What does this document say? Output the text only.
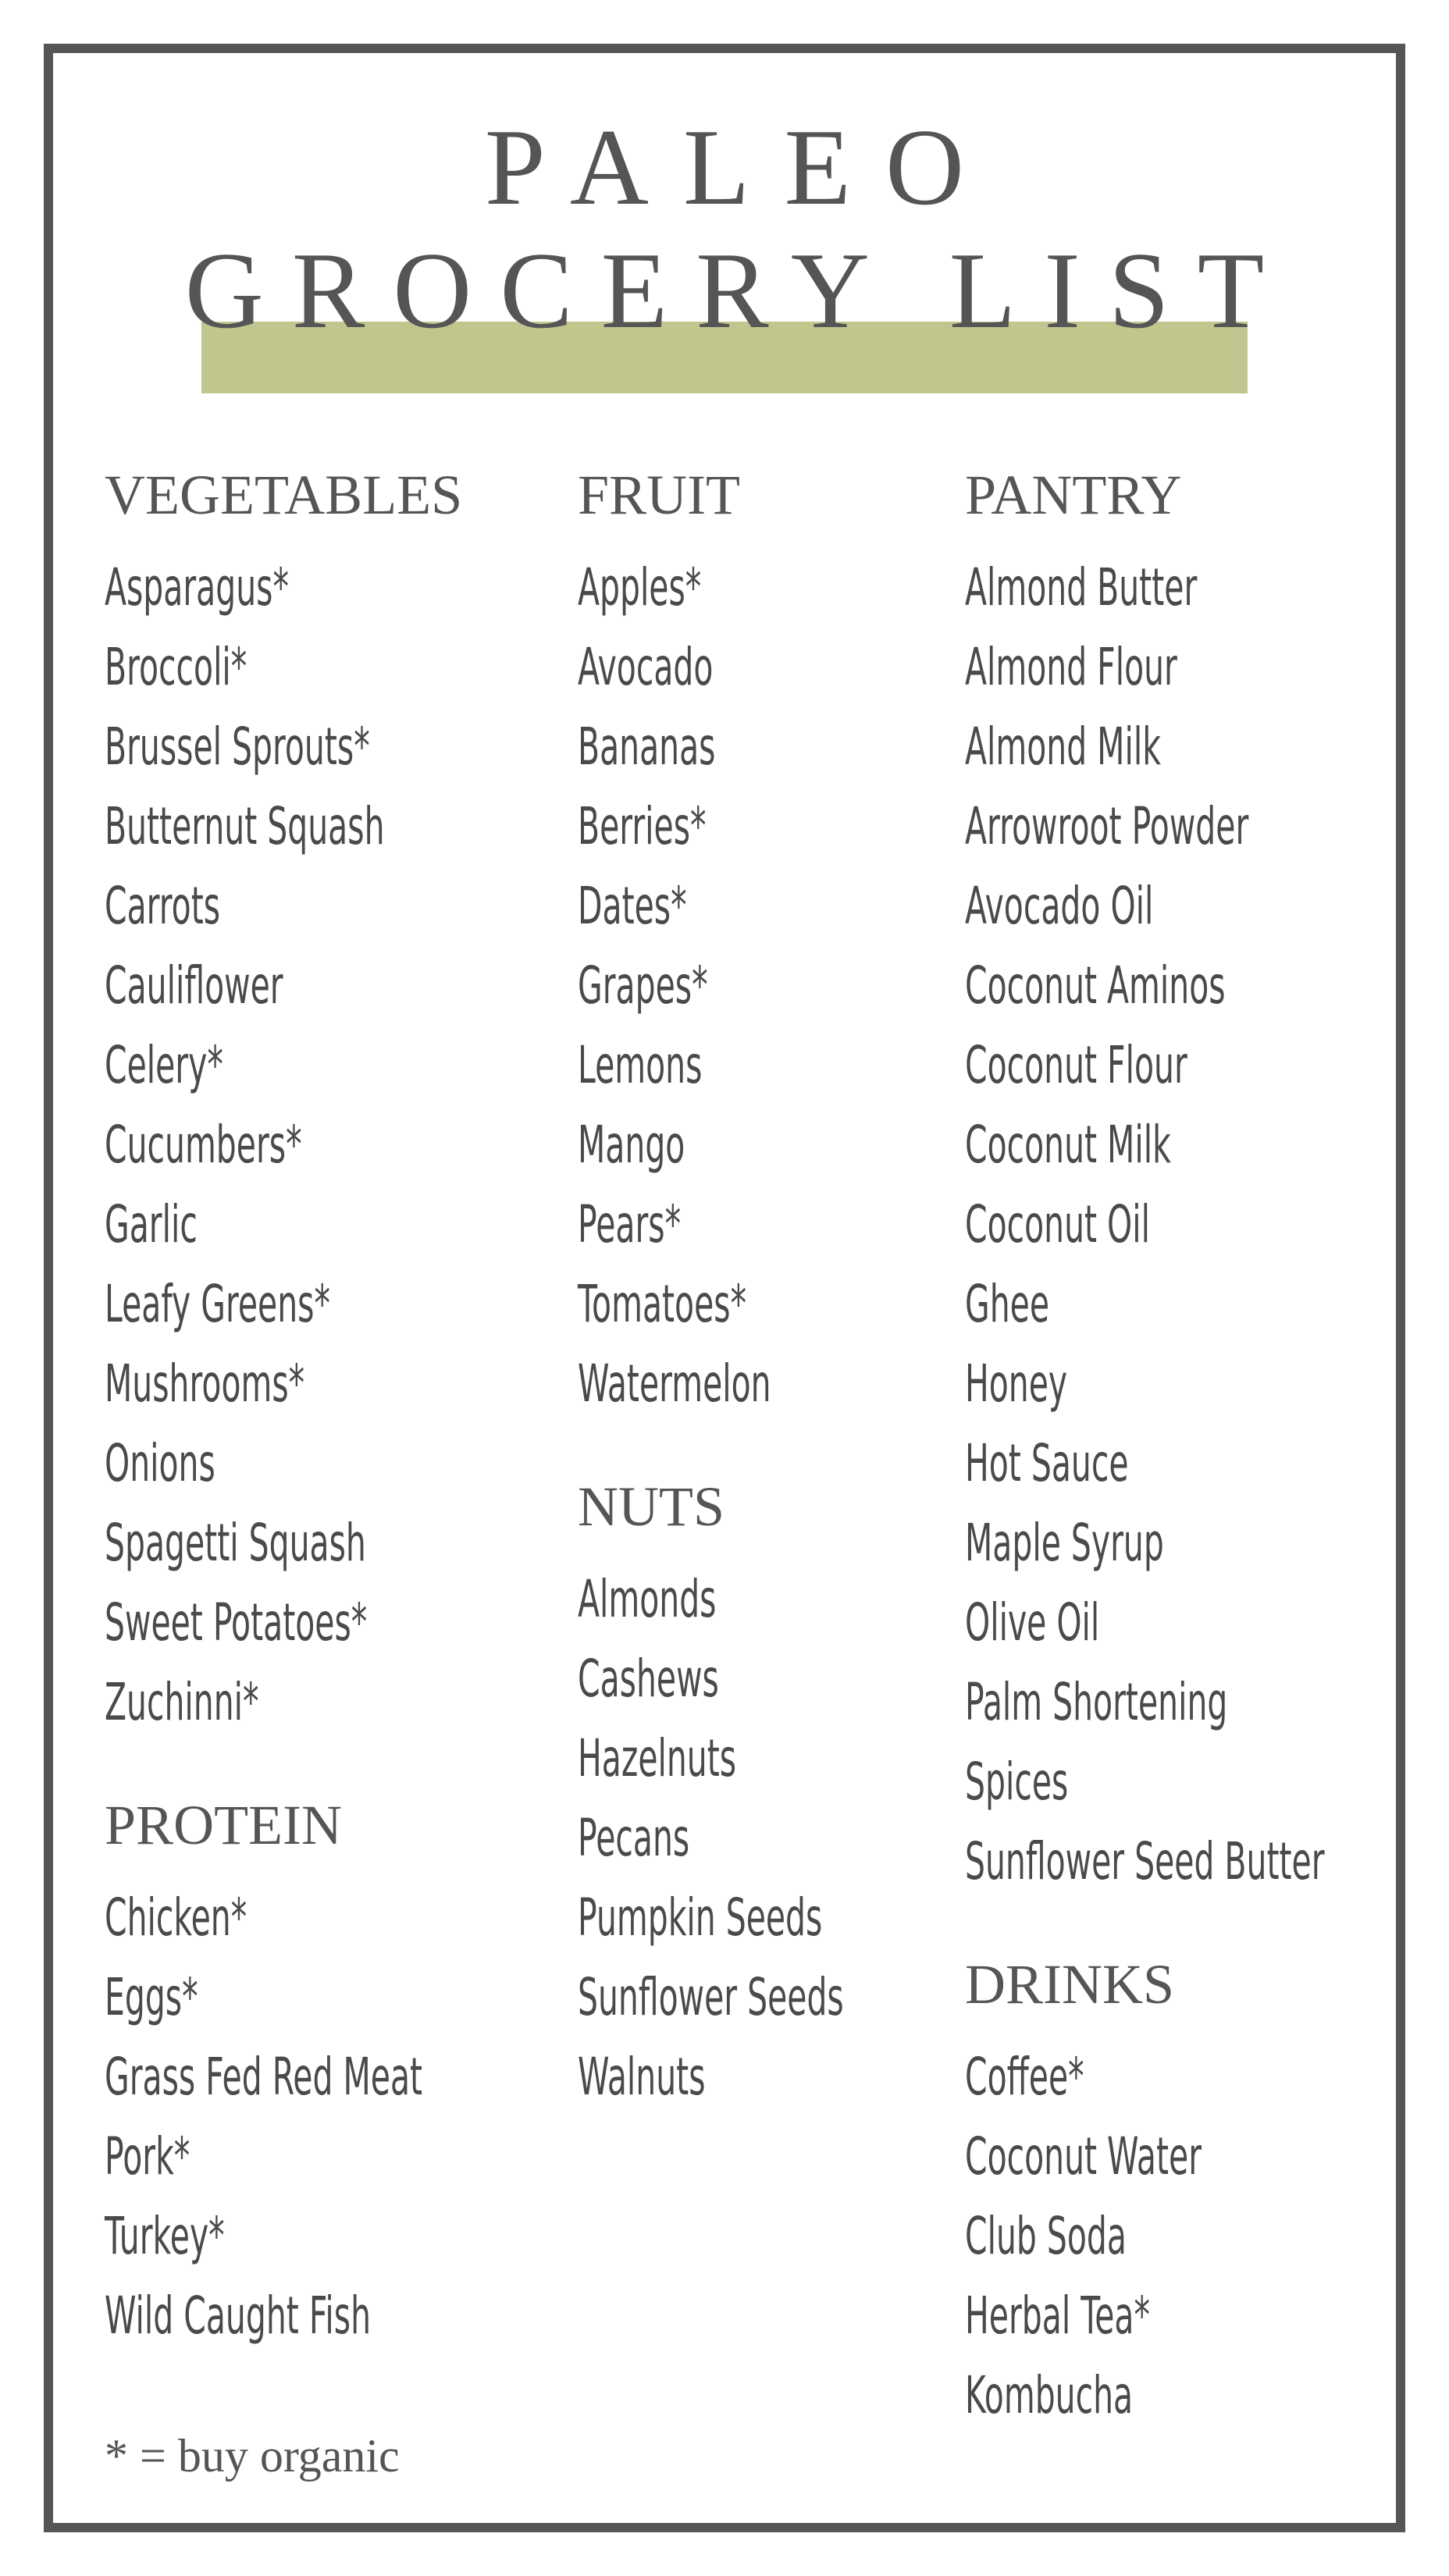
PALEO
GROCERY LIST
VEGETABLES
Asparagus*
Broccoli*
Brussel Sprouts*
Butternut Squash
Carrots
Cauliflower
Celery*
Cucumbers*
Garlic
Leafy Greens*
Mushrooms*
Onions
Spagetti Squash
Sweet Potatoes*
Zuchinni*
PROTEIN
Chicken*
Eggs*
Grass Fed Red Meat
Pork*
Turkey*
Wild Caught Fish
FRUIT
Apples*
Avocado
Bananas
Berries*
Dates*
Grapes*
Lemons
Mango
Pears*
Tomatoes*
Watermelon
NUTS
Almonds
Cashews
Hazelnuts
Pecans
Pumpkin Seeds
Sunflower Seeds
Walnuts
PANTRY
Almond Butter
Almond Flour
Almond Milk
Arrowroot Powder
Avocado Oil
Coconut Aminos
Coconut Flour
Coconut Milk
Coconut Oil
Ghee
Honey
Hot Sauce
Maple Syrup
Olive Oil
Palm Shortening
Spices
Sunflower Seed Butter
DRINKS
Coffee*
Coconut Water
Club Soda
Herbal Tea*
Kombucha
* = buy organic
